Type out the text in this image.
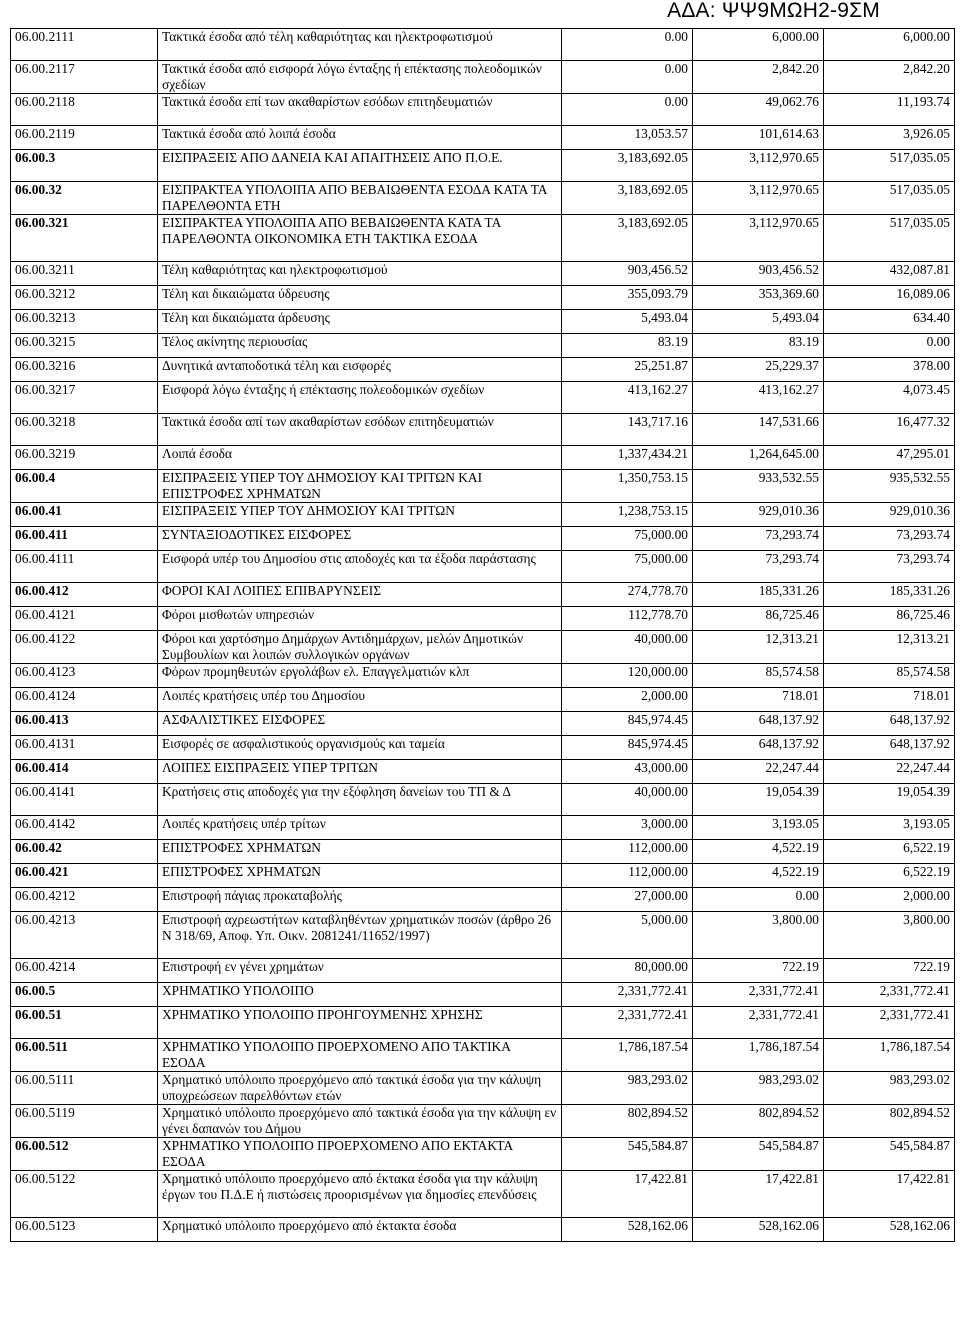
ΑΔΑ: ΨΨ9ΜΩΗ2-9ΣΜ
06.00.2111	Τακτικά έσοδα από τέλη καθαριότητας και ηλεκτροφωτισμού	0.00	6,000.00	6,000.00
06.00.2117	Τακτικά έσοδα από εισφορά λόγω ένταξης ή επέκτασης πολεοδομικών σχεδίων	0.00	2,842.20	2,842.20
06.00.2118	Τακτικά έσοδα επί των ακαθαρίστων εσόδων επιτηδευματιών	0.00	49,062.76	11,193.74
06.00.2119	Τακτικά έσοδα από λοιπά έσοδα	13,053.57	101,614.63	3,926.05
06.00.3	ΕΙΣΠΡΑΞΕΙΣ ΑΠΟ ΔΑΝΕΙΑ ΚΑΙ ΑΠΑΙΤΗΣΕΙΣ ΑΠΟ Π.Ο.Ε.	3,183,692.05	3,112,970.65	517,035.05
06.00.32	ΕΙΣΠΡΑΚΤΕΑ ΥΠΟΛΟΙΠΑ ΑΠΟ ΒΕΒΑΙΩΘΕΝΤΑ ΕΣΟΔΑ ΚΑΤΑ ΤΑ ΠΑΡΕΛΘΟΝΤΑ ΕΤΗ	3,183,692.05	3,112,970.65	517,035.05
06.00.321	ΕΙΣΠΡΑΚΤΕΑ ΥΠΟΛΟΙΠΑ ΑΠΟ ΒΕΒΑΙΩΘΕΝΤΑ ΚΑΤΑ ΤΑ ΠΑΡΕΛΘΟΝΤΑ ΟΙΚΟΝΟΜΙΚΑ ΕΤΗ ΤΑΚΤΙΚΑ ΕΣΟΔΑ	3,183,692.05	3,112,970.65	517,035.05
06.00.3211	Τέλη καθαριότητας και ηλεκτροφωτισμού	903,456.52	903,456.52	432,087.81
06.00.3212	Τέλη και δικαιώματα ύδρευσης	355,093.79	353,369.60	16,089.06
06.00.3213	Τέλη και δικαιώματα άρδευσης	5,493.04	5,493.04	634.40
06.00.3215	Τέλος ακίνητης περιουσίας	83.19	83.19	0.00
06.00.3216	Δυνητικά ανταποδοτικά τέλη και εισφορές	25,251.87	25,229.37	378.00
06.00.3217	Εισφορά λόγω ένταξης ή επέκτασης πολεοδομικών σχεδίων	413,162.27	413,162.27	4,073.45
06.00.3218	Τακτικά έσοδα απί των ακαθαρίστων εσόδων επιτηδευματιών	143,717.16	147,531.66	16,477.32
06.00.3219	Λοιπά έσοδα	1,337,434.21	1,264,645.00	47,295.01
06.00.4	ΕΙΣΠΡΑΞΕΙΣ ΥΠΕΡ ΤΟΥ ΔΗΜΟΣΙΟΥ ΚΑΙ ΤΡΙΤΩΝ ΚΑΙ ΕΠΙΣΤΡΟΦΕΣ ΧΡΗΜΑΤΩΝ	1,350,753.15	933,532.55	935,532.55
06.00.41	ΕΙΣΠΡΑΞΕΙΣ ΥΠΕΡ ΤΟΥ ΔΗΜΟΣΙΟΥ ΚΑΙ ΤΡΙΤΩΝ	1,238,753.15	929,010.36	929,010.36
06.00.411	ΣΥΝΤΑΞΙΟΔΟΤΙΚΕΣ ΕΙΣΦΟΡΕΣ	75,000.00	73,293.74	73,293.74
06.00.4111	Εισφορά υπέρ του Δημοσίου στις αποδοχές και τα έξοδα παράστασης	75,000.00	73,293.74	73,293.74
06.00.412	ΦΟΡΟΙ ΚΑΙ ΛΟΙΠΕΣ ΕΠΙΒΑΡΥΝΣΕΙΣ	274,778.70	185,331.26	185,331.26
06.00.4121	Φόροι μισθωτών υπηρεσιών	112,778.70	86,725.46	86,725.46
06.00.4122	Φόροι και χαρτόσημο Δημάρχων Αντιδημάρχων, μελών Δημοτικών Συμβουλίων και λοιπών συλλογικών οργάνων	40,000.00	12,313.21	12,313.21
06.00.4123	Φόρων προμηθευτών εργολάβων ελ. Επαγγελματιών κλπ	120,000.00	85,574.58	85,574.58
06.00.4124	Λοιπές κρατήσεις υπέρ του Δημοσίου	2,000.00	718.01	718.01
06.00.413	ΑΣΦΑΛΙΣΤΙΚΕΣ ΕΙΣΦΟΡΕΣ	845,974.45	648,137.92	648,137.92
06.00.4131	Εισφορές σε ασφαλιστικούς οργανισμούς και ταμεία	845,974.45	648,137.92	648,137.92
06.00.414	ΛΟΙΠΕΣ ΕΙΣΠΡΑΞΕΙΣ ΥΠΕΡ ΤΡΙΤΩΝ	43,000.00	22,247.44	22,247.44
06.00.4141	Κρατήσεις στις αποδοχές για την εξόφληση δανείων του ΤΠ & Δ	40,000.00	19,054.39	19,054.39
06.00.4142	Λοιπές κρατήσεις υπέρ τρίτων	3,000.00	3,193.05	3,193.05
06.00.42	ΕΠΙΣΤΡΟΦΕΣ ΧΡΗΜΑΤΩΝ	112,000.00	4,522.19	6,522.19
06.00.421	ΕΠΙΣΤΡΟΦΕΣ ΧΡΗΜΑΤΩΝ	112,000.00	4,522.19	6,522.19
06.00.4212	Επιστροφή πάγιας προκαταβολής	27,000.00	0.00	2,000.00
06.00.4213	Επιστροφή αχρεωστήτων καταβληθέντων χρηματικών ποσών (άρθρο 26 Ν 318/69, Αποφ. Υπ. Οικν. 2081241/11652/1997)	5,000.00	3,800.00	3,800.00
06.00.4214	Επιστροφή εν γένει χρημάτων	80,000.00	722.19	722.19
06.00.5	ΧΡΗΜΑΤΙΚΟ ΥΠΟΛΟΙΠΟ	2,331,772.41	2,331,772.41	2,331,772.41
06.00.51	ΧΡΗΜΑΤΙΚΟ ΥΠΟΛΟΙΠΟ ΠΡΟΗΓΟΥΜΕΝΗΣ ΧΡΗΣΗΣ	2,331,772.41	2,331,772.41	2,331,772.41
06.00.511	ΧΡΗΜΑΤΙΚΟ ΥΠΟΛΟΙΠΟ ΠΡΟΕΡΧΟΜΕΝΟ ΑΠΟ ΤΑΚΤΙΚΑ ΕΣΟΔΑ	1,786,187.54	1,786,187.54	1,786,187.54
06.00.5111	Χρηματικό υπόλοιπο προερχόμενο από τακτικά έσοδα για την κάλυψη υποχρεώσεων παρελθόντων ετών	983,293.02	983,293.02	983,293.02
06.00.5119	Χρηματικό υπόλοιπο προερχόμενο από τακτικά έσοδα για την κάλυψη εν γένει δαπανών του Δήμου	802,894.52	802,894.52	802,894.52
06.00.512	ΧΡΗΜΑΤΙΚΟ ΥΠΟΛΟΙΠΟ ΠΡΟΕΡΧΟΜΕΝΟ ΑΠΟ ΕΚΤΑΚΤΑ ΕΣΟΔΑ	545,584.87	545,584.87	545,584.87
06.00.5122	Χρηματικό υπόλοιπο προερχόμενο από έκτακα έσοδα για την κάλυψη έργων του Π.Δ.Ε ή πιστώσεις προορισμένων για δημοσίες επενδύσεις	17,422.81	17,422.81	17,422.81
06.00.5123	Χρηματικό υπόλοιπο προερχόμενο από έκτακτα έσοδα	528,162.06	528,162.06	528,162.06
